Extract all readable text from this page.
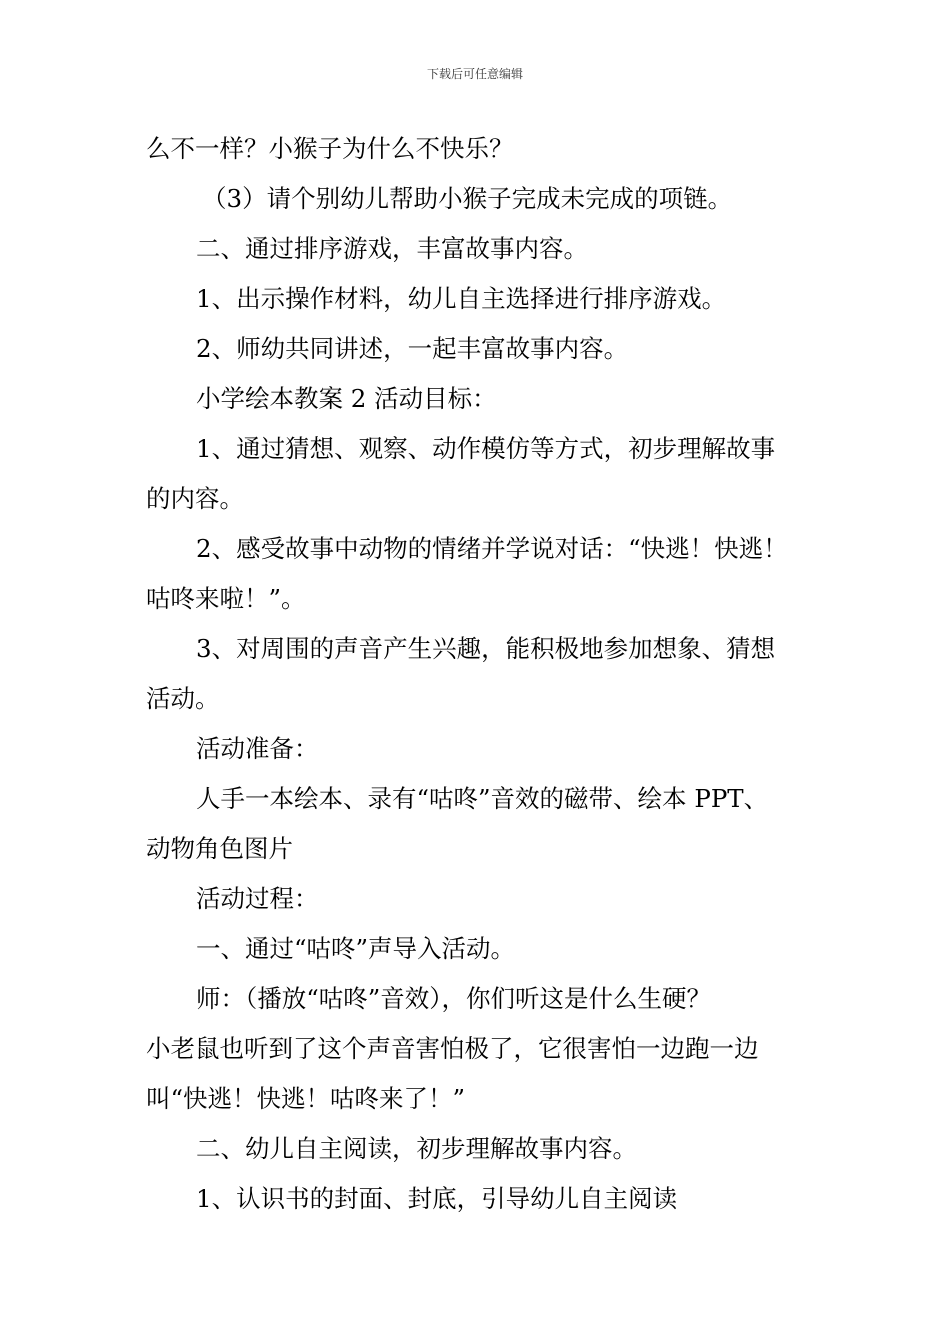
下载后可任意编辑
么不一样？小猴子为什么不快乐？
（3）请个别幼儿帮助小猴子完成未完成的项链。
二、通过排序游戏，丰富故事内容。
1、出示操作材料，幼儿自主选择进行排序游戏。
2、师幼共同讲述，一起丰富故事内容。
小学绘本教案 2 活动目标：
1、通过猜想、观察、动作模仿等方式，初步理解故事
的内容。
2、感受故事中动物的情绪并学说对话：“快逃！快逃！
咕咚来啦！”。
3、对周围的声音产生兴趣，能积极地参加想象、猜想
活动。
活动准备：
人手一本绘本、录有“咕咚”音效的磁带、绘本 PPT、
动物角色图片
活动过程：
一、通过“咕咚”声导入活动。
师：（播放“咕咚”音效），你们听这是什么生硬？
小老鼠也听到了这个声音害怕极了，它很害怕一边跑一边
叫“快逃！快逃！咕咚来了！”
二、幼儿自主阅读，初步理解故事内容。
1、认识书的封面、封底，引导幼儿自主阅读
